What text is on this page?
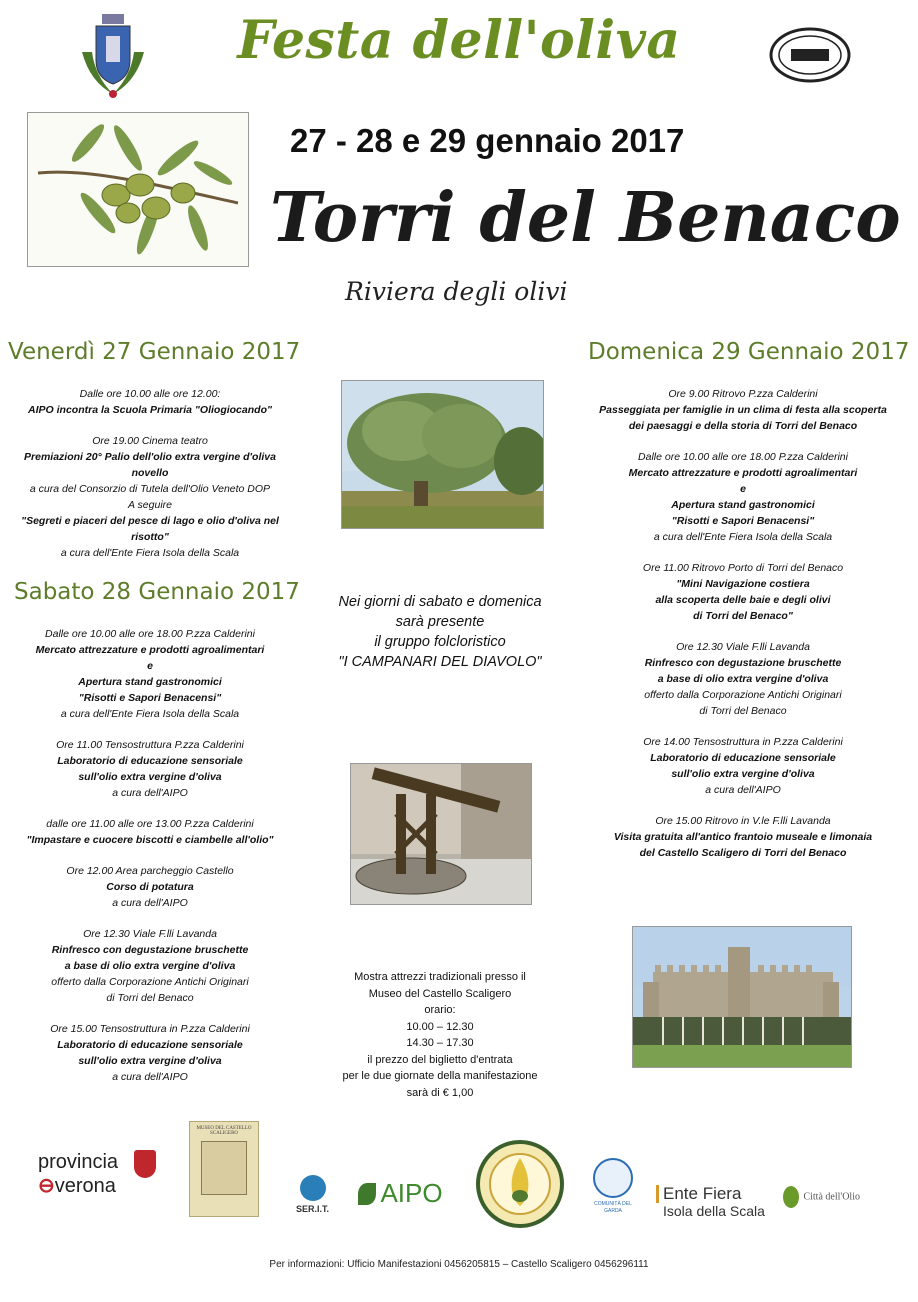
Festa dell'oliva
27 - 28 e 29 gennaio 2017
Torri del Benaco
Riviera degli olivi
Venerdì 27 Gennaio 2017
Dalle ore 10.00 alle ore 12.00:
AIPO incontra la Scuola Primaria "Oliogiocando"
Ore 19.00 Cinema teatro
Premiazioni 20° Palio dell'olio extra vergine d'oliva
novello
a cura del Consorzio di Tutela dell'Olio Veneto DOP
A seguire
"Segreti e piaceri del pesce di lago e olio d'oliva nel
risotto"
a cura dell'Ente Fiera Isola della Scala
Sabato 28 Gennaio 2017
Dalle ore 10.00 alle ore 18.00 P.zza Calderini
Mercato attrezzature e prodotti agroalimentari
e
Apertura stand gastronomici
"Risotti e Sapori Benacensi"
a cura dell'Ente Fiera Isola della Scala
Ore 11.00 Tensostruttura P.zza Calderini
Laboratorio di educazione sensoriale
sull'olio extra vergine d'oliva
a cura dell'AIPO
dalle ore 11.00 alle ore 13.00 P.zza Calderini
"Impastare e cuocere biscotti e ciambelle all'olio"
Ore 12.00 Area parcheggio Castello
Corso di potatura
a cura dell'AIPO
Ore 12.30 Viale F.lli Lavanda
Rinfresco con degustazione bruschette
a base di olio extra vergine d'oliva
offerto dalla Corporazione Antichi Originari
di Torri del Benaco
Ore 15.00 Tensostruttura in P.zza Calderini
Laboratorio di educazione sensoriale
sull'olio extra vergine d'oliva
a cura dell'AIPO
Domenica 29 Gennaio 2017
Ore 9.00 Ritrovo P.zza Calderini
Passeggiata per famiglie in un clima di festa alla scoperta
dei paesaggi e della storia di Torri del Benaco
Dalle ore 10.00 alle ore 18.00 P.zza Calderini
Mercato attrezzature e prodotti agroalimentari
e
Apertura stand gastronomici
"Risotti e Sapori Benacensi"
a cura dell'Ente Fiera Isola della Scala
Ore 11.00 Ritrovo Porto di Torri del Benaco
"Mini Navigazione costiera
alla scoperta delle baie e degli olivi
di Torri del Benaco"
Ore 12.30 Viale F.lli Lavanda
Rinfresco con degustazione bruschette
a base di olio extra vergine d'oliva
offerto dalla Corporazione Antichi Originari
di Torri del Benaco
Ore 14.00 Tensostruttura in P.zza Calderini
Laboratorio di educazione sensoriale
sull'olio extra vergine d'oliva
a cura dell'AIPO
Ore 15.00 Ritrovo in V.le F.lli Lavanda
Visita gratuita all'antico frantoio museale e limonaia
del Castello Scaligero di Torri del Benaco
Nei giorni di sabato e domenica
sarà presente
il gruppo folcloristico
"I CAMPANARI DEL DIAVOLO"
Mostra attrezzi tradizionali presso il
Museo del Castello Scaligero
orario:
10.00 – 12.30
14.30 – 17.30
il prezzo del biglietto d'entrata
per le due giornate della manifestazione
sarà di € 1,00
provincia
⊖verona
MUSEO DEL CASTELLO SCALIGERO
SER.I.T.
AIPO	COMUNITÀ DEL GARDA
Ente Fiera
Isola della Scala
Città dell'Olio
Per informazioni: Ufficio Manifestazioni 0456205815 – Castello Scaligero 0456296111
